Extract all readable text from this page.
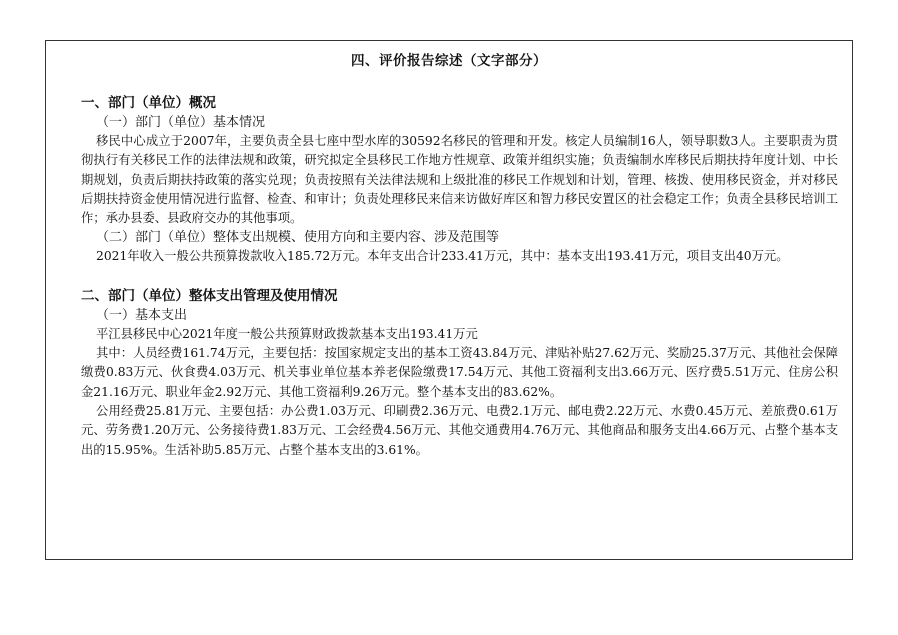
四、评价报告综述（文字部分）

一、部门（单位）概况

（一）部门（单位）基本情况

移民中心成立于2007年，主要负责全县七座中型水库的30592名移民的管理和开发。核定人员编制16人，领导职数3人。主要职责为贯彻执行有关移民工作的法律法规和政策，研究拟定全县移民工作地方性规章、政策并组织实施；负责编制水库移民后期扶持年度计划、中长期规划，负责后期扶持政策的落实兑现；负责按照有关法律法规和上级批准的移民工作规划和计划，管理、核拨、使用移民资金，并对移民后期扶持资金使用情况进行监督、检查、和审计；负责处理移民来信来访做好库区和智力移民安置区的社会稳定工作；负责全县移民培训工作；承办县委、县政府交办的其他事项。

（二）部门（单位）整体支出规模、使用方向和主要内容、涉及范围等

2021年收入一般公共预算拨款收入185.72万元。本年支出合计233.41万元，其中：基本支出193.41万元，项目支出40万元。

二、部门（单位）整体支出管理及使用情况

（一）基本支出

平江县移民中心2021年度一般公共预算财政拨款基本支出193.41万元

其中：人员经费161.74万元，主要包括：按国家规定支出的基本工资43.84万元、津贴补贴27.62万元、奖励25.37万元、其他社会保障缴费0.83万元、伙食费4.03万元、机关事业单位基本养老保险缴费17.54万元、其他工资福利支出3.66万元、医疗费5.51万元、住房公积金21.16万元、职业年金2.92万元、其他工资福利9.26万元。整个基本支出的83.62%。

公用经费25.81万元、主要包括：办公费1.03万元、印刷费2.36万元、电费2.1万元、邮电费2.22万元、水费0.45万元、差旅费0.61万元、劳务费1.20万元、公务接待费1.83万元、工会经费4.56万元、其他交通费用4.76万元、其他商品和服务支出4.66万元、占整个基本支出的15.95%。生活补助5.85万元、占整个基本支出的3.61%。
